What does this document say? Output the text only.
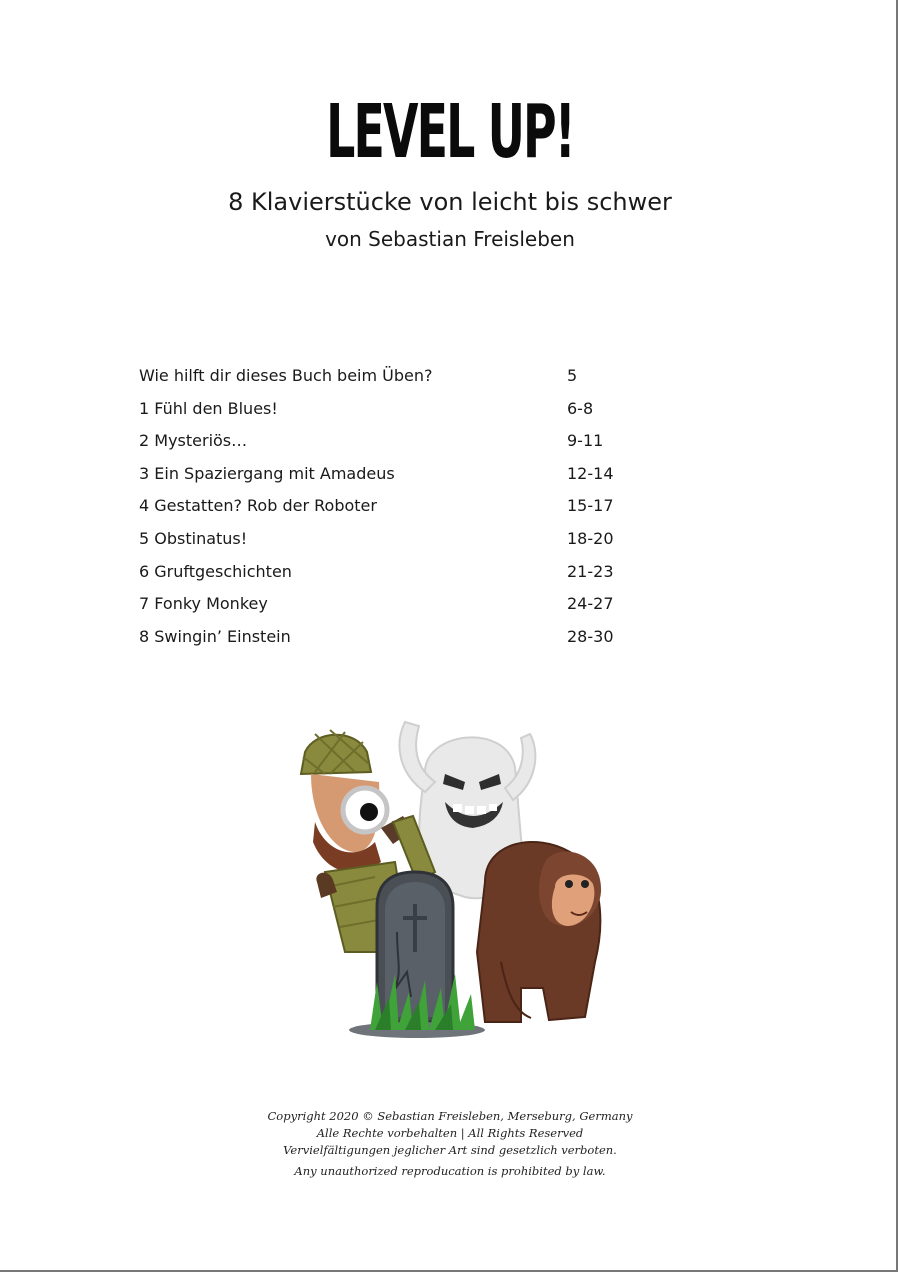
LEVEL UP!
8 Klavierstücke von leicht bis schwer
von Sebastian Freisleben
Wie hilft dir dieses Buch beim Üben?	5
1 Fühl den Blues!	6-8
2 Mysteriös…	9-11
3 Ein Spaziergang mit Amadeus	12-14
4 Gestatten? Rob der Roboter	15-17
5 Obstinatus!	18-20
6 Gruftgeschichten	21-23
7 Fonky Monkey	24-27
8 Swingin’ Einstein	28-30
Copyright 2020 © Sebastian Freisleben, Merseburg, Germany
Alle Rechte vorbehalten | All Rights Reserved
Vervielfältigungen jeglicher Art sind gesetzlich verboten.
Any unauthorized reproducation is prohibited by law.
